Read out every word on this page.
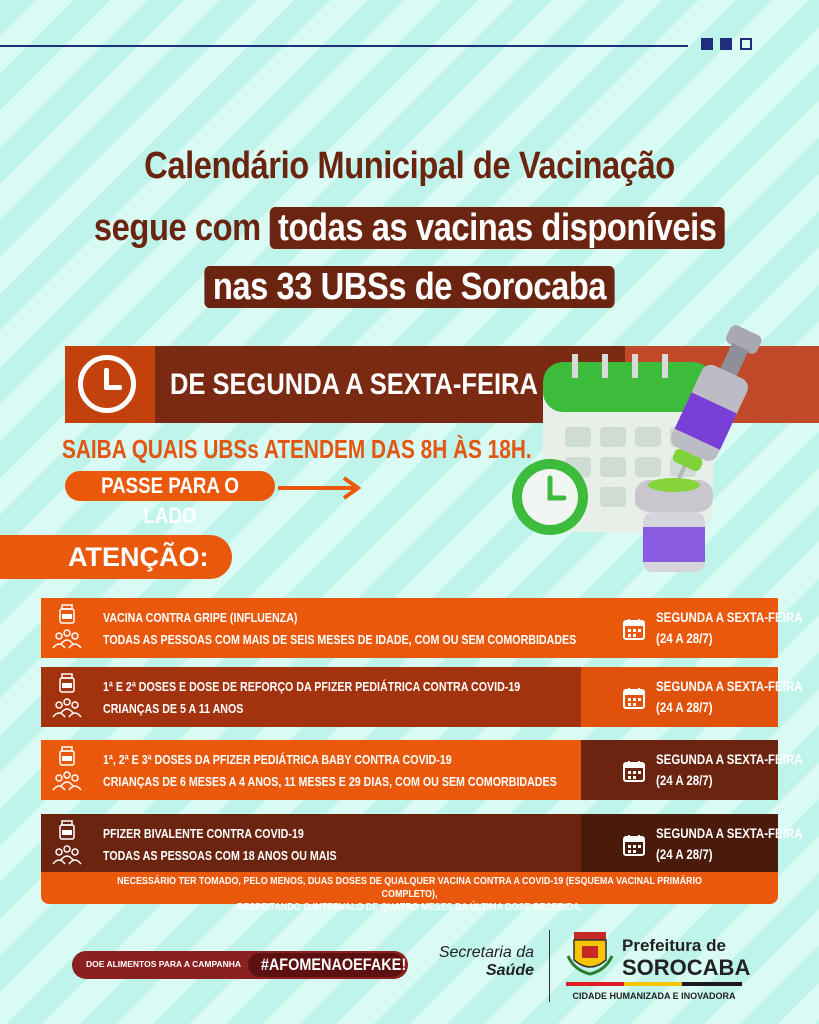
Calendário Municipal de Vacinação
segue com todas as vacinas disponíveis
nas 33 UBSs de Sorocaba
DE SEGUNDA A SEXTA-FEIRA
SAIBA QUAIS UBSs ATENDEM DAS 8H ÀS 18H.
PASSE PARA O LADO
ATENÇÃO:
VACINA CONTRA GRIPE (INFLUENZA)
TODAS AS PESSOAS COM MAIS DE SEIS MESES DE IDADE, COM OU SEM COMORBIDADES
SEGUNDA A SEXTA-FEIRA
(24 A 28/7)
1ª E 2ª DOSES E DOSE DE REFORÇO DA PFIZER PEDIÁTRICA CONTRA COVID-19
CRIANÇAS DE 5 A 11 ANOS
SEGUNDA A SEXTA-FEIRA
(24 A 28/7)
1ª, 2ª E 3ª DOSES DA PFIZER PEDIÁTRICA BABY CONTRA COVID-19
CRIANÇAS DE 6 MESES A 4 ANOS, 11 MESES E 29 DIAS, COM OU SEM COMORBIDADES
SEGUNDA A SEXTA-FEIRA
(24 A 28/7)
PFIZER BIVALENTE CONTRA COVID-19
TODAS AS PESSOAS COM 18 ANOS OU MAIS
SEGUNDA A SEXTA-FEIRA
(24 A 28/7)
NECESSÁRIO TER TOMADO, PELO MENOS, DUAS DOSES DE QUALQUER VACINA CONTRA A COVID-19 (ESQUEMA VACINAL PRIMÁRIO COMPLETO),
RESPEITANDO O INTERVALO DE QUATRO MESES DA ÚLTIMA DOSE RECEBIDA.
DOE ALIMENTOS PARA A CAMPANHA	#AFOMENAOEFAKE!
Secretaria da
Saúde
Prefeitura de
SOROCABA
CIDADE HUMANIZADA E INOVADORA
